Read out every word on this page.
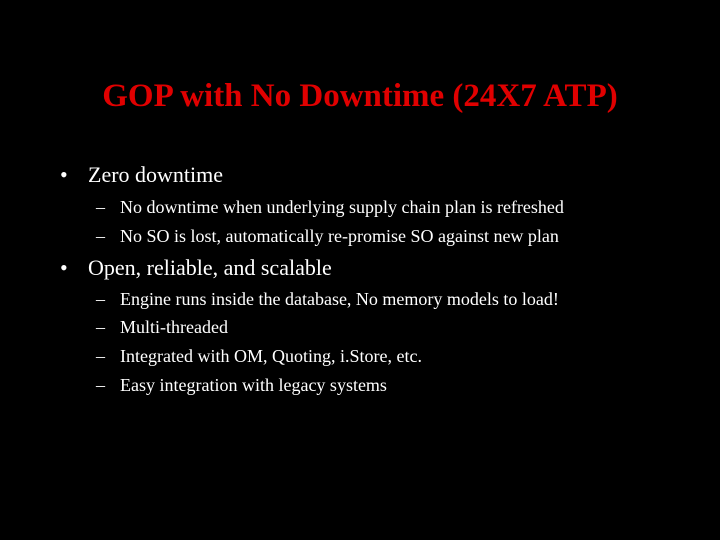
GOP with No Downtime (24X7 ATP)
• Zero downtime
– No downtime when underlying supply chain plan is refreshed
– No SO is lost, automatically re-promise SO against new plan
• Open, reliable, and scalable
– Engine runs inside the database, No memory models to load!
– Multi-threaded
– Integrated with OM, Quoting, i.Store, etc.
– Easy integration with legacy systems
